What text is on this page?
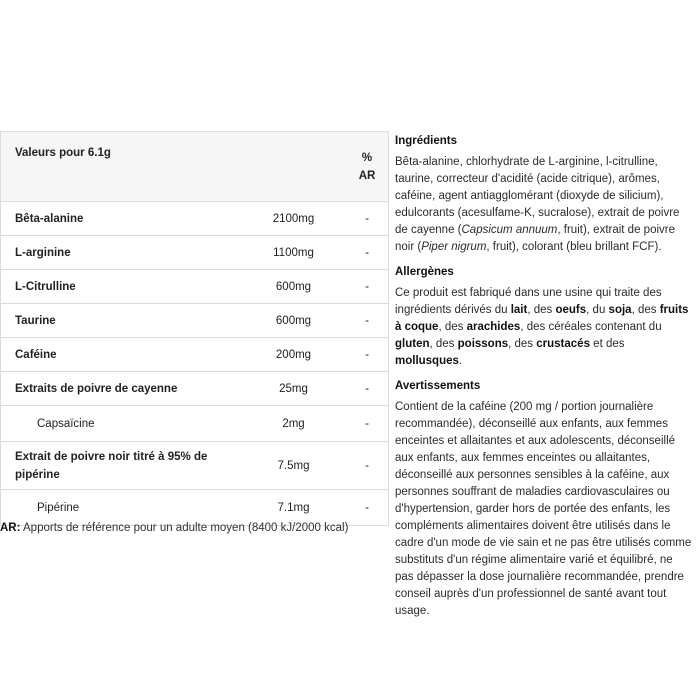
Valeurs pour 6.1g		%
AR
Bêta-alanine	2100mg	-
L-arginine	1100mg	-
L-Citrulline	600mg	-
Taurine	600mg	-
Caféine	200mg	-
Extraits de poivre de cayenne	25mg	-
Capsaïcine	2mg	-
Extrait de poivre noir titré à 95% de pipérine	7.5mg	-
Pipérine	7.1mg	-
AR: Apports de référence pour un adulte moyen (8400 kJ/2000 kcal)
Ingrédients

Bêta-alanine, chlorhydrate de L-arginine, l-citrulline, taurine, correcteur d'acidité (acide citrique), arômes, caféine, agent antiagglomérant (dioxyde de silicium), edulcorants (acesulfame-K, sucralose), extrait de poivre de cayenne (Capsicum annuum, fruit), extrait de poivre noir (Piper nigrum, fruit), colorant (bleu brillant FCF).

Allergènes

Ce produit est fabriqué dans une usine qui traite des ingrédients dérivés du lait, des oeufs, du soja, des fruits à coque, des arachides, des céréales contenant du gluten, des poissons, des crustacés et des mollusques.

Avertissements

Contient de la caféine (200 mg / portion journalière recommandée), déconseillé aux enfants, aux femmes enceintes et allaitantes et aux adolescents, déconseillé aux enfants, aux femmes enceintes ou allaitantes, déconseillé aux personnes sensibles à la caféine, aux personnes souffrant de maladies cardiovasculaires ou d'hypertension, garder hors de portée des enfants, les compléments alimentaires doivent être utilisés dans le cadre d'un mode de vie sain et ne pas être utilisés comme substituts d'un régime alimentaire varié et équilibré, ne pas dépasser la dose journalière recommandée, prendre conseil auprès d'un professionnel de santé avant tout usage.
